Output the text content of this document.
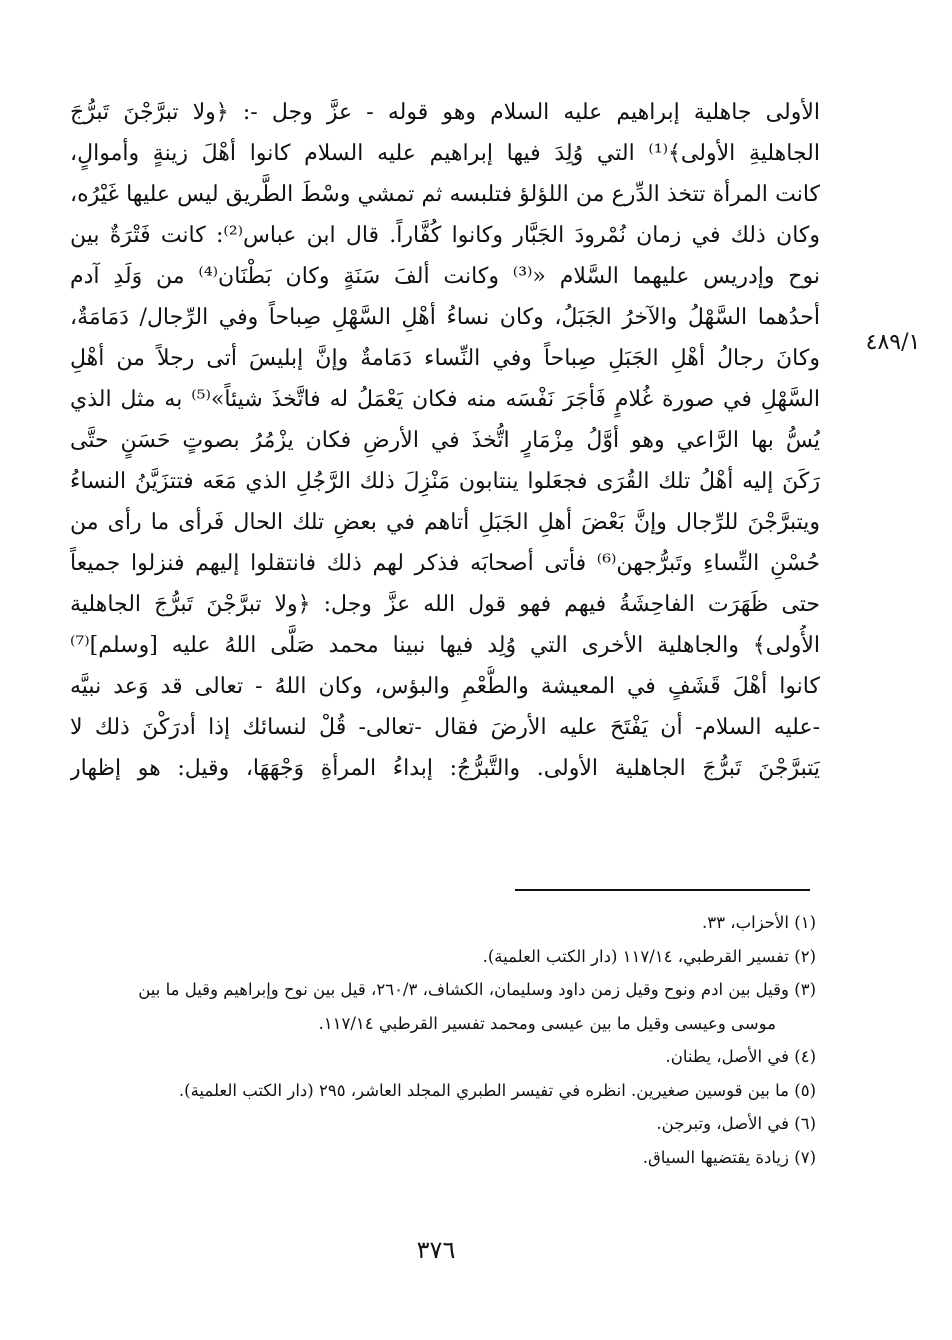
الأولى جاهلية إبراهيم عليه السلام وهو قوله - عزَّ وجل -: ﴿ولا تبرَّجْنَ تَبرُّجَ
الجاهليةِ الأولى﴾⁽¹⁾ التي وُلِدَ فيها إبراهيم عليه السلام كانوا أهْلَ زينةٍ وأموالٍ،
كانت المرأة تتخذ الدِّرع من اللؤلؤ فتلبسه ثم تمشي وسْطَ الطَّريق ليس عليها غَيْرُه،
وكان ذلك في زمان نُمْرودَ الجَبَّار وكانوا كُفَّاراً. قال ابن عباس⁽²⁾: كانت فَتْرَةٌ بين
نوح وإدريس عليهما السَّلام «⁽³⁾ وكانت ألفَ سَنَةٍ وكان بَطْنَان⁽⁴⁾ من وَلَدِ آدم
أحدُهما السَّهْلُ والآخرُ الجَبَلُ، وكان نساءُ أهْلِ السَّهْلِ صِباحاً وفي الرِّجال/ دَمَامَةٌ،
وكانَ رجالُ أهْلِ الجَبَلِ صِباحاً وفي النِّساء دَمَامةٌ وإنَّ إبليسَ أتى رجلاً من أهْلِ
السَّهْلِ في صورة غُلامٍ فَأجَرَ نَفْسَه منه فكان يَعْمَلُ له فاتَّخذَ شيئاً»⁽⁵⁾ به مثل الذي
يُسُّ بها الرَّاعي وهو أوَّلُ مِزْمَارٍ اتُّخذَ في الأرضِ فكان يزْمُرُ بصوتٍ حَسَنٍ حتَّى
رَكَنَ إليه أهْلُ تلك القُرَى فجعَلوا ينتابون مَنْزِلَ ذلك الرَّجُلِ الذي مَعَه فتتزَيَّنُ النساءُ
ويتبرَّجْنَ للرِّجال وإنَّ بَعْضَ أهلِ الجَبَلِ أتاهم في بعضِ تلك الحال فَرأى ما رأى من
حُسْنِ النِّساءِ وتَبرُّجهن⁽⁶⁾ فأتى أصحابَه فذكر لهم ذلك فانتقلوا إليهم فنزلوا جميعاً
حتى ظَهَرَت الفاحِشَةُ فيهم فهو قول الله عزَّ وجل: ﴿ولا تبرَّجْنَ تَبرُّجَ الجاهلية
الأُولى﴾ والجاهلية الأخرى التي وُلِد فيها نبينا محمد صَلَّى اللهُ عليه [وسلم]⁽⁷⁾
كانوا أهْلَ قَشَفٍ في المعيشة والطُّعْمِ والبؤس، وكان اللهُ - تعالى قد وَعد نبيَّه
-عليه السلام- أن يَفْتَحَ عليه الأرضَ فقال -تعالى- قُلْ لنسائك إذا أدرَكْنَ ذلك لا
يَتبرَّجْنَ تَبرُّجَ الجاهلية الأولى. والتَّبرُّجُ: إبداءُ المرأةِ وَجْهَهَا، وقيل: هو إظهار
٤٨٩/١
(١) الأحزاب، ٣٣.
(٢) تفسير القرطبي، ١١٧/١٤ (دار الكتب العلمية).
(٣) وقيل بين ادم ونوح وقيل زمن داود وسليمان، الكشاف، ٢٦٠/٣، قيل بين نوح وإبراهيم وقيل ما بين
موسى وعيسى وقيل ما بين عيسى ومحمد تفسير القرطبي ١١٧/١٤.
(٤) في الأصل، يطنان.
(٥) ما بين قوسين صغيرين. انظره في تفيسر الطبري المجلد العاشر، ٢٩٥ (دار الكتب العلمية).
(٦) في الأصل، وتبرجن.
(٧) زيادة يقتضيها السياق.
٣٧٦
